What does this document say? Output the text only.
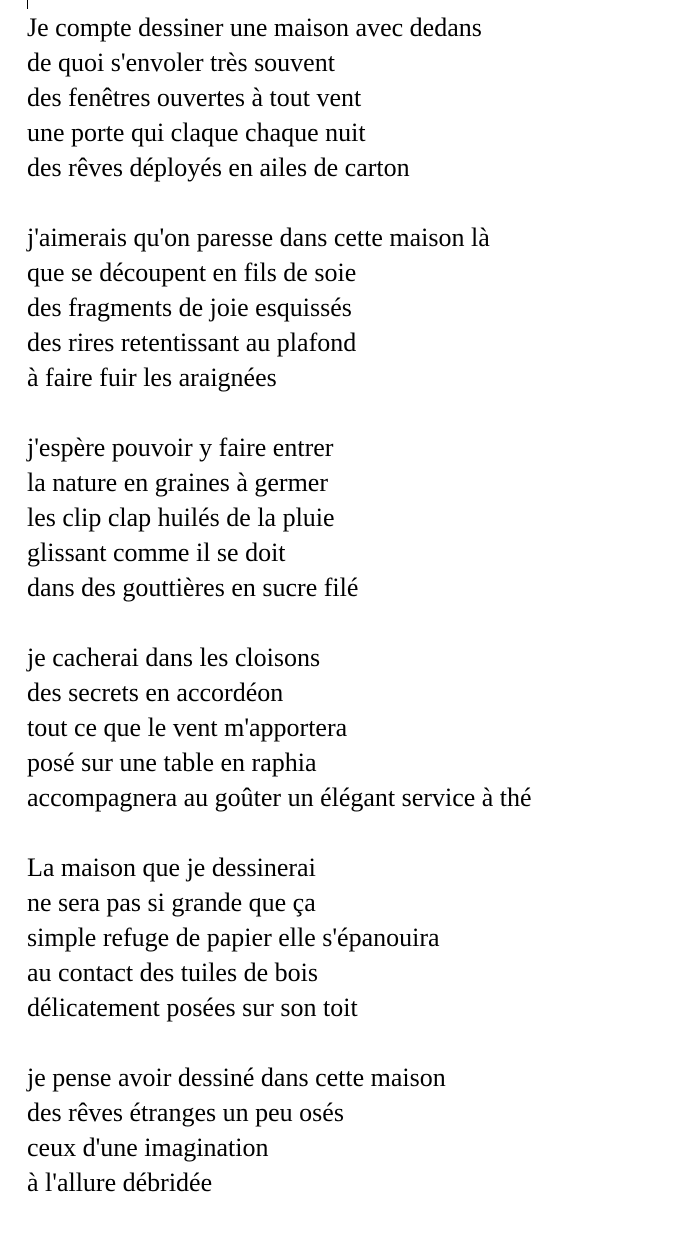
Je compte dessiner une maison avec dedans

de quoi s'envoler très souvent

des fenêtres ouvertes à tout vent

une porte qui claque chaque nuit

des rêves déployés en ailes de carton

j'aimerais qu'on paresse dans cette maison là

que se découpent en fils de soie

des fragments de joie esquissés

des rires retentissant au plafond

à faire fuir les araignées

j'espère pouvoir y faire entrer

la nature en graines à germer

les clip clap huilés de la pluie

glissant comme il se doit

dans des gouttières en sucre filé

je cacherai dans les cloisons

des secrets en accordéon

tout ce que le vent m'apportera

posé sur une table en raphia

accompagnera au goûter un élégant service à thé

La maison que je dessinerai

ne sera pas si grande que ça

simple refuge de papier elle s'épanouira

au contact des tuiles de bois

délicatement posées sur son toit

je pense avoir dessiné dans cette maison

des rêves étranges un peu osés

ceux d'une imagination

à l'allure débridée
